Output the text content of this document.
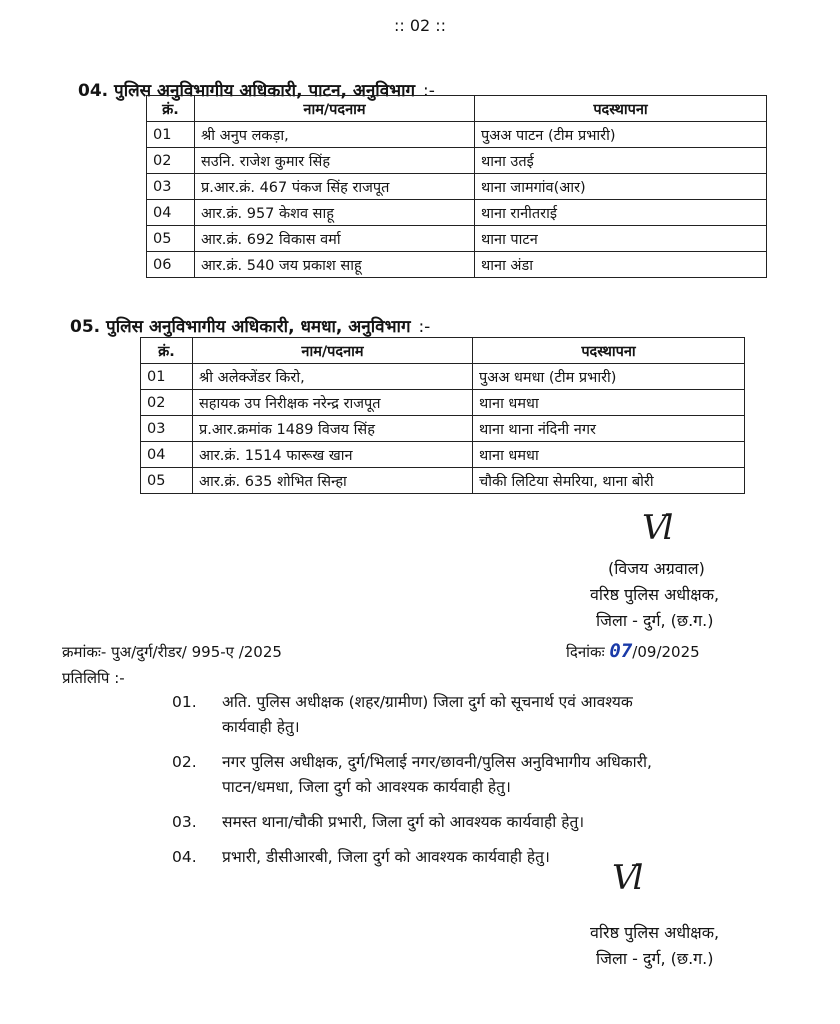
:: 02 ::
04. पुलिस अनुविभागीय अधिकारी, पाटन, अनुविभाग :-
क्रं.	नाम/पदनाम	पदस्थापना
01	श्री अनुप लकड़ा,	पुअअ पाटन (टीम प्रभारी)
02	सउनि. राजेश कुमार सिंह	थाना उतई
03	प्र.आर.क्रं. 467 पंकज सिंह राजपूत	थाना जामगांव(आर)
04	आर.क्रं. 957 केशव साहू	थाना रानीतराई
05	आर.क्रं. 692 विकास वर्मा	थाना पाटन
06	आर.क्रं. 540 जय प्रकाश साहू	थाना अंडा
05. पुलिस अनुविभागीय अधिकारी, धमधा, अनुविभाग :-
क्रं.	नाम/पदनाम	पदस्थापना
01	श्री अलेक्जेंडर किरो,	पुअअ धमधा (टीम प्रभारी)
02	सहायक उप निरीक्षक नरेन्द्र राजपूत	थाना धमधा
03	प्र.आर.क्रमांक 1489 विजय सिंह	थाना थाना नंदिनी नगर
04	आर.क्रं. 1514 फारूख खान	थाना धमधा
05	आर.क्रं. 635 शोभित सिन्हा	चौकी लिटिया सेमरिया, थाना बोरी
Vl
(विजय अग्रवाल)
वरिष्ठ पुलिस अधीक्षक,
जिला - दुर्ग, (छ.ग.)
क्रमांकः- पुअ/दुर्ग/रीडर/ 995-ए /2025	दिनांकः 07/09/2025
प्रतिलिपि :-
01.	अति. पुलिस अधीक्षक (शहर/ग्रामीण) जिला दुर्ग को सूचनार्थ एवं आवश्यक
कार्यवाही हेतु।
02.	नगर पुलिस अधीक्षक, दुर्ग/भिलाई नगर/छावनी/पुलिस अनुविभागीय अधिकारी,
पाटन/धमधा, जिला दुर्ग को आवश्यक कार्यवाही हेतु।
03.	समस्त थाना/चौकी प्रभारी, जिला दुर्ग को आवश्यक कार्यवाही हेतु।
04.	प्रभारी, डीसीआरबी, जिला दुर्ग को आवश्यक कार्यवाही हेतु।
Vl
वरिष्ठ पुलिस अधीक्षक,
जिला - दुर्ग, (छ.ग.)
